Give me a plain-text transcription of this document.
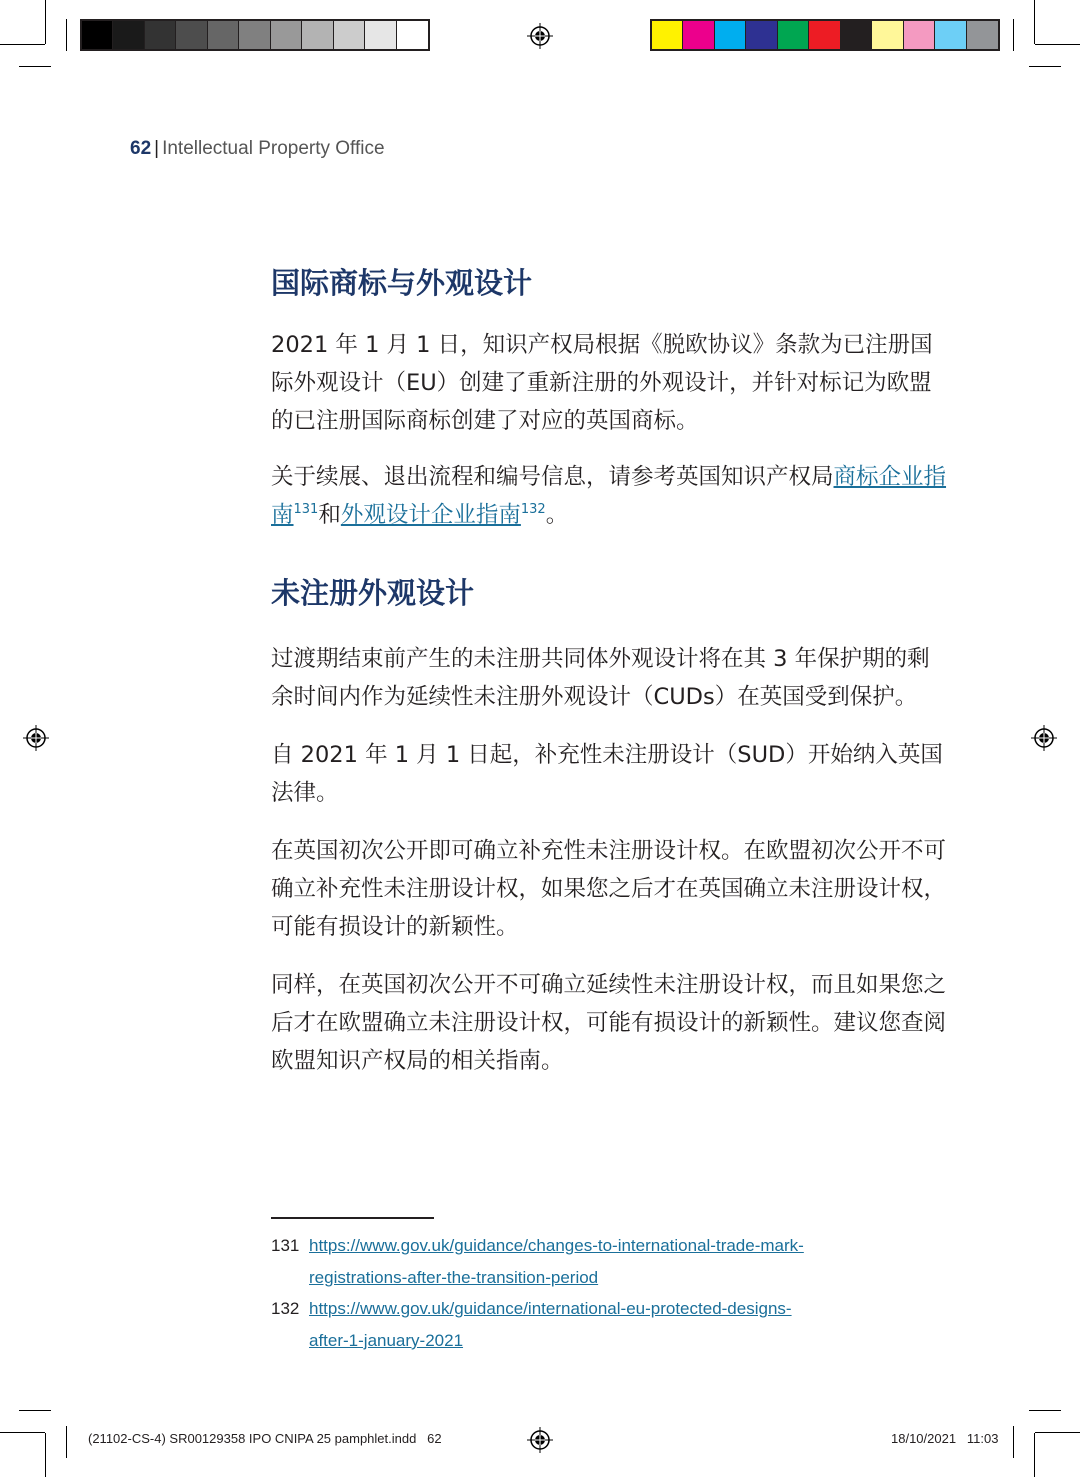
62 | Intellectual Property Office
国际商标与外观设计

2021 年 1 月 1 日，知识产权局根据《脱欧协议》条款为已注册国际外观设计（EU）创建了重新注册的外观设计，并针对标记为欧盟的已注册国际商标创建了对应的英国商标。

关于续展、退出流程和编号信息，请参考英国知识产权局商标企业指南$^{131}$和外观设计企业指南$^{132}$。

未注册外观设计

过渡期结束前产生的未注册共同体外观设计将在其 3 年保护期的剩余时间内作为延续性未注册外观设计（CUDs）在英国受到保护。

自 2021 年 1 月 1 日起，补充性未注册设计（SUD）开始纳入英国法律。

在英国初次公开即可确立补充性未注册设计权。在欧盟初次公开不可确立补充性未注册设计权，如果您之后才在英国确立未注册设计权，可能有损设计的新颖性。

同样，在英国初次公开不可确立延续性未注册设计权，而且如果您之后才在欧盟确立未注册设计权，可能有损设计的新颖性。建议您查阅欧盟知识产权局的相关指南。

131 https://www.gov.uk/guidance/changes-to-international-trade-mark-
registrations-after-the-transition-period
132 https://www.gov.uk/guidance/international-eu-protected-designs-
after-1-january-2021
(21102-CS-4) SR00129358 IPO CNIPA 25 pamphlet.indd   62	18/10/2021   11:03
